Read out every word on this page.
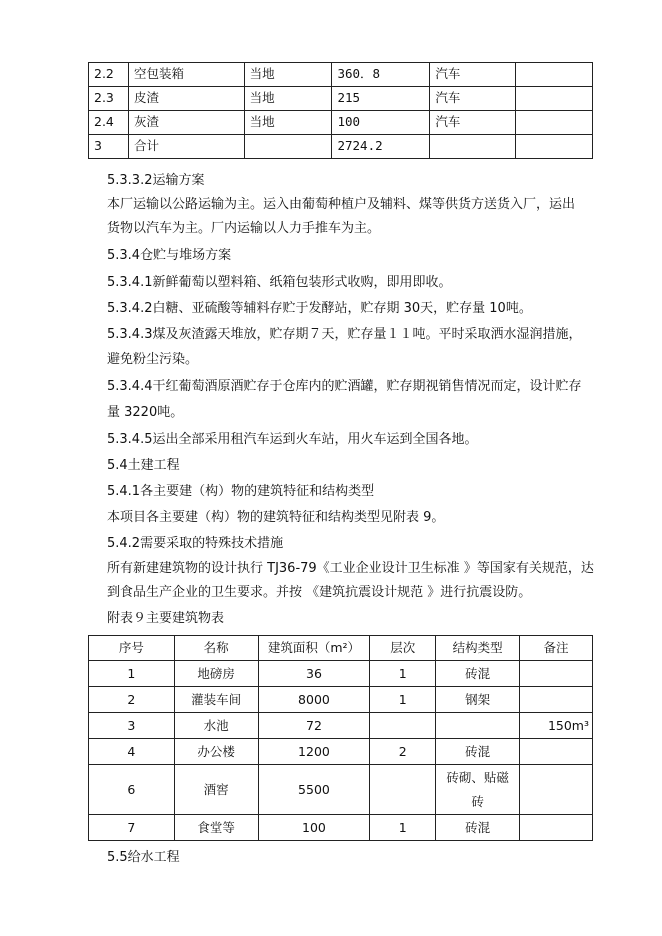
2.2	空包装箱	当地	360．8	汽车	
2.3	皮渣	当地	215	汽车	
2.4	灰渣	当地	100	汽车	
3	合计		2724.2		
5.3.3.2运输方案
本厂运输以公路运输为主。运入由葡萄种植户及辅料、煤等供货方送货入厂，运出
货物以汽车为主。厂内运输以人力手推车为主。
5.3.4仓贮与堆场方案
5.3.4.1新鲜葡萄以塑料箱、纸箱包装形式收购，即用即收。
5.3.4.2白糖、亚硫酸等辅料存贮于发酵站，贮存期 30天，贮存量 10吨。
5.3.4.3煤及灰渣露天堆放，贮存期７天，贮存量１１吨。平时采取洒水湿润措施，
避免粉尘污染。
5.3.4.4干红葡萄酒原酒贮存于仓库内的贮酒罐，贮存期视销售情况而定，设计贮存
量 3220吨。
5.3.4.5运出全部采用租汽车运到火车站，用火车运到全国各地。
5.4土建工程
5.4.1各主要建（构）物的建筑特征和结构类型
本项目各主要建（构）物的建筑特征和结构类型见附表 9。
5.4.2需要采取的特殊技术措施
所有新建建筑物的设计执行 TJ36-79《工业企业设计卫生标准 》等国家有关规范，达
到食品生产企业的卫生要求。并按 《建筑抗震设计规范 》进行抗震设防。
附表９主要建筑物表
序号	名称	建筑面积（m²）	层次	结构类型	备注
1	地磅房	36	1	砖混	
2	灌装车间	8000	1	钢架	
3	水池	72			150m³
4	办公楼	1200	2	砖混	
6	酒窖	5500		砖砌、贴磁砖	
7	食堂等	100	1	砖混	
5.5给水工程
